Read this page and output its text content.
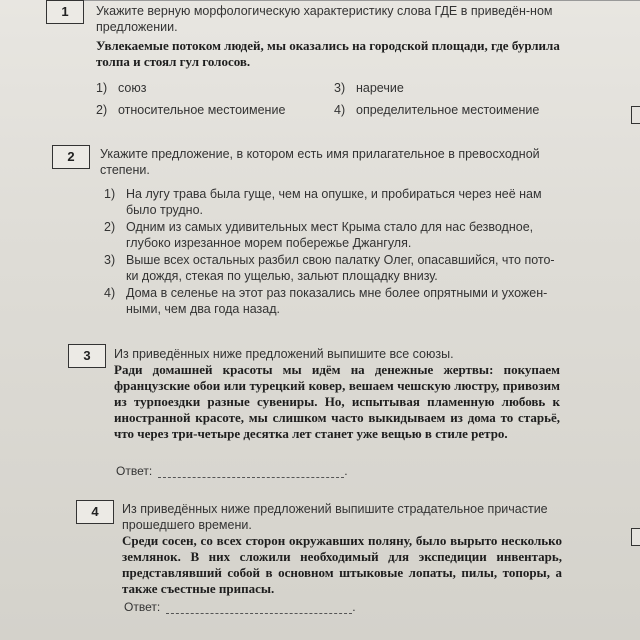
1	Укажите верную морфологическую характеристику слова ГДЕ в приведён-ном предложении.
Увлекаемые потоком людей, мы оказались на городской площади, где бурлила толпа и стоял гул голосов.
1) союз	3) наречие
2) относительное местоимение	4) определительное местоимение
2	Укажите предложение, в котором есть имя прилагательное в превосходной степени.
1) На лугу трава была гуще, чем на опушке, и пробираться через неё нам было трудно.
2) Одним из самых удивительных мест Крыма стало для нас безводное, глубоко изрезанное морем побережье Джангуля.
3) Выше всех остальных разбил свою палатку Олег, опасавшийся, что пото-ки дождя, стекая по ущелью, зальют площадку внизу.
4) Дома в селенье на этот раз показались мне более опрятными и ухожен-ными, чем два года назад.
3	Из приведённых ниже предложений выпишите все союзы.
Ради домашней красоты мы идём на денежные жертвы: покупаем французские обои или турецкий ковер, вешаем чешскую люстру, привозим из турпоездки разные сувениры. Но, испытывая пламенную любовь к иностранной красоте, мы слишком часто выкидываем из дома то старьё, что через три-четыре десятка лет станет уже вещью в стиле ретро.
Ответ:	.
4	Из приведённых ниже предложений выпишите страдательное причастие прошедшего времени.
Среди сосен, со всех сторон окружавших поляну, было вырыто несколько землянок. В них сложили необходимый для экспедиции инвентарь, представлявший собой в основном штыковые лопаты, пилы, топоры, а также съестные припасы.
Ответ:	.
